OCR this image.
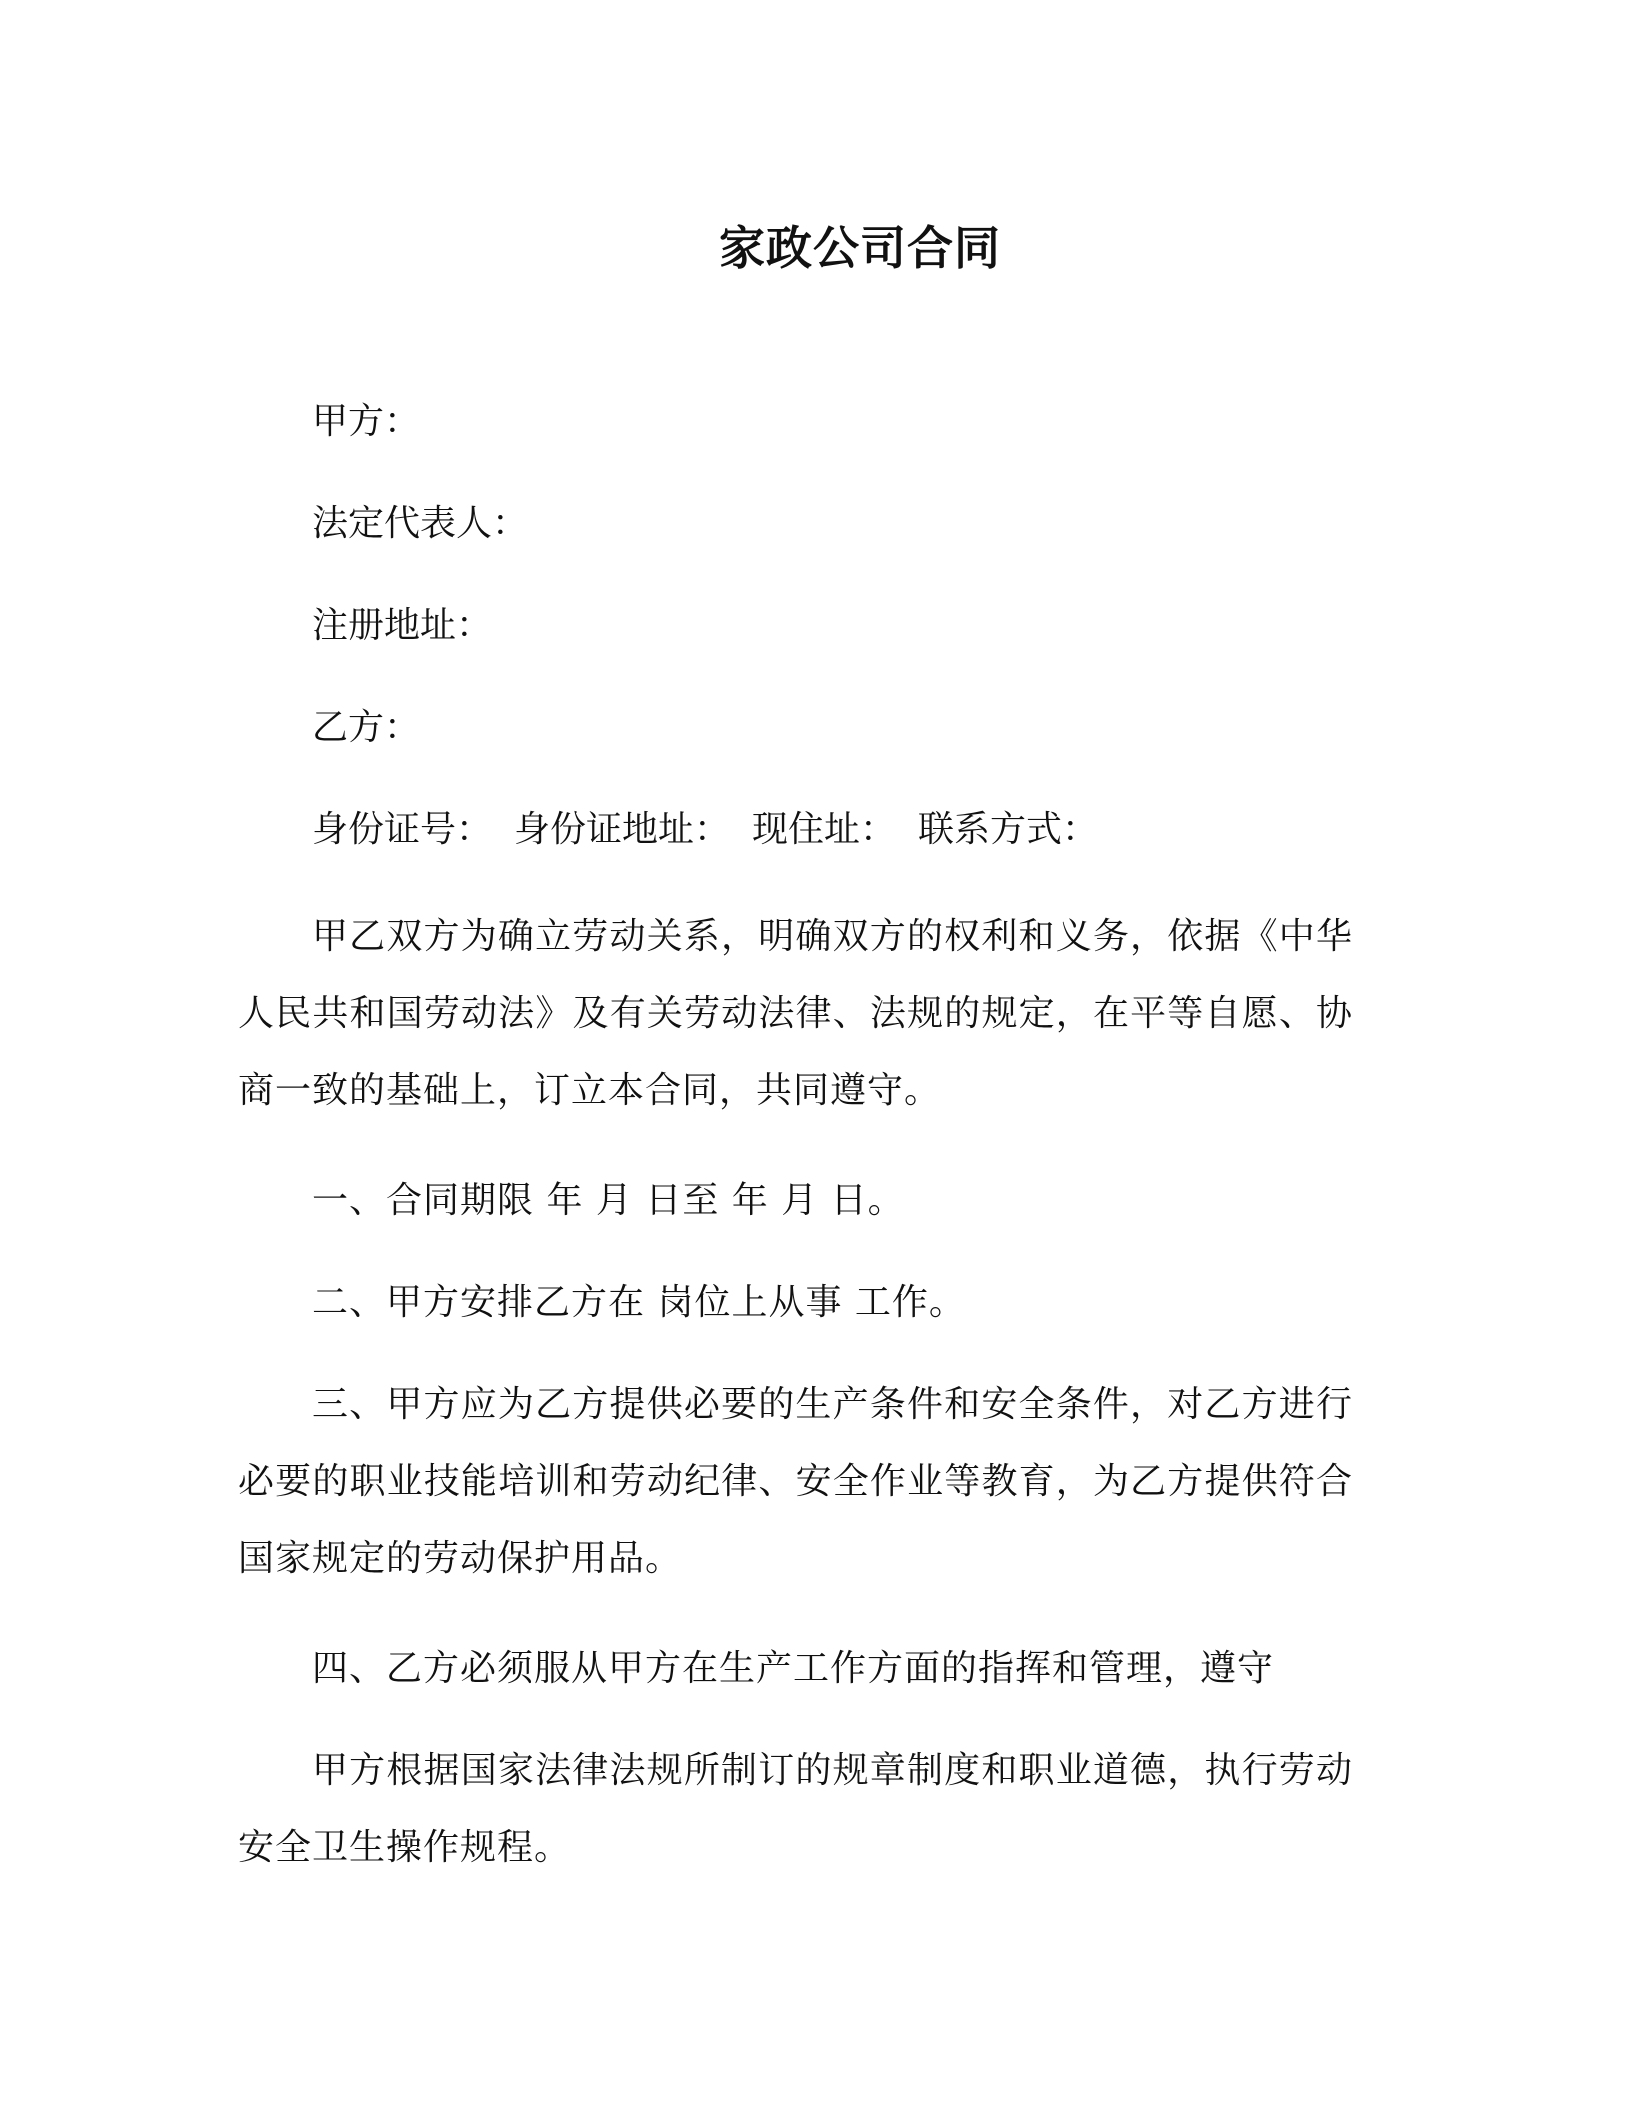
家政公司合同

甲方：

法定代表人：

注册地址：

乙方：

身份证号： 身份证地址： 现住址： 联系方式：

甲乙双方为确立劳动关系，明确双方的权利和义务，依据《中华人民共和国劳动法》及有关劳动法律、法规的规定，在平等自愿、协商一致的基础上，订立本合同，共同遵守。

一、合同期限 年 月 日至 年 月 日。

二、甲方安排乙方在 岗位上从事 工作。

三、甲方应为乙方提供必要的生产条件和安全条件，对乙方进行必要的职业技能培训和劳动纪律、安全作业等教育，为乙方提供符合国家规定的劳动保护用品。

四、乙方必须服从甲方在生产工作方面的指挥和管理，遵守

甲方根据国家法律法规所制订的规章制度和职业道德，执行劳动安全卫生操作规程。
